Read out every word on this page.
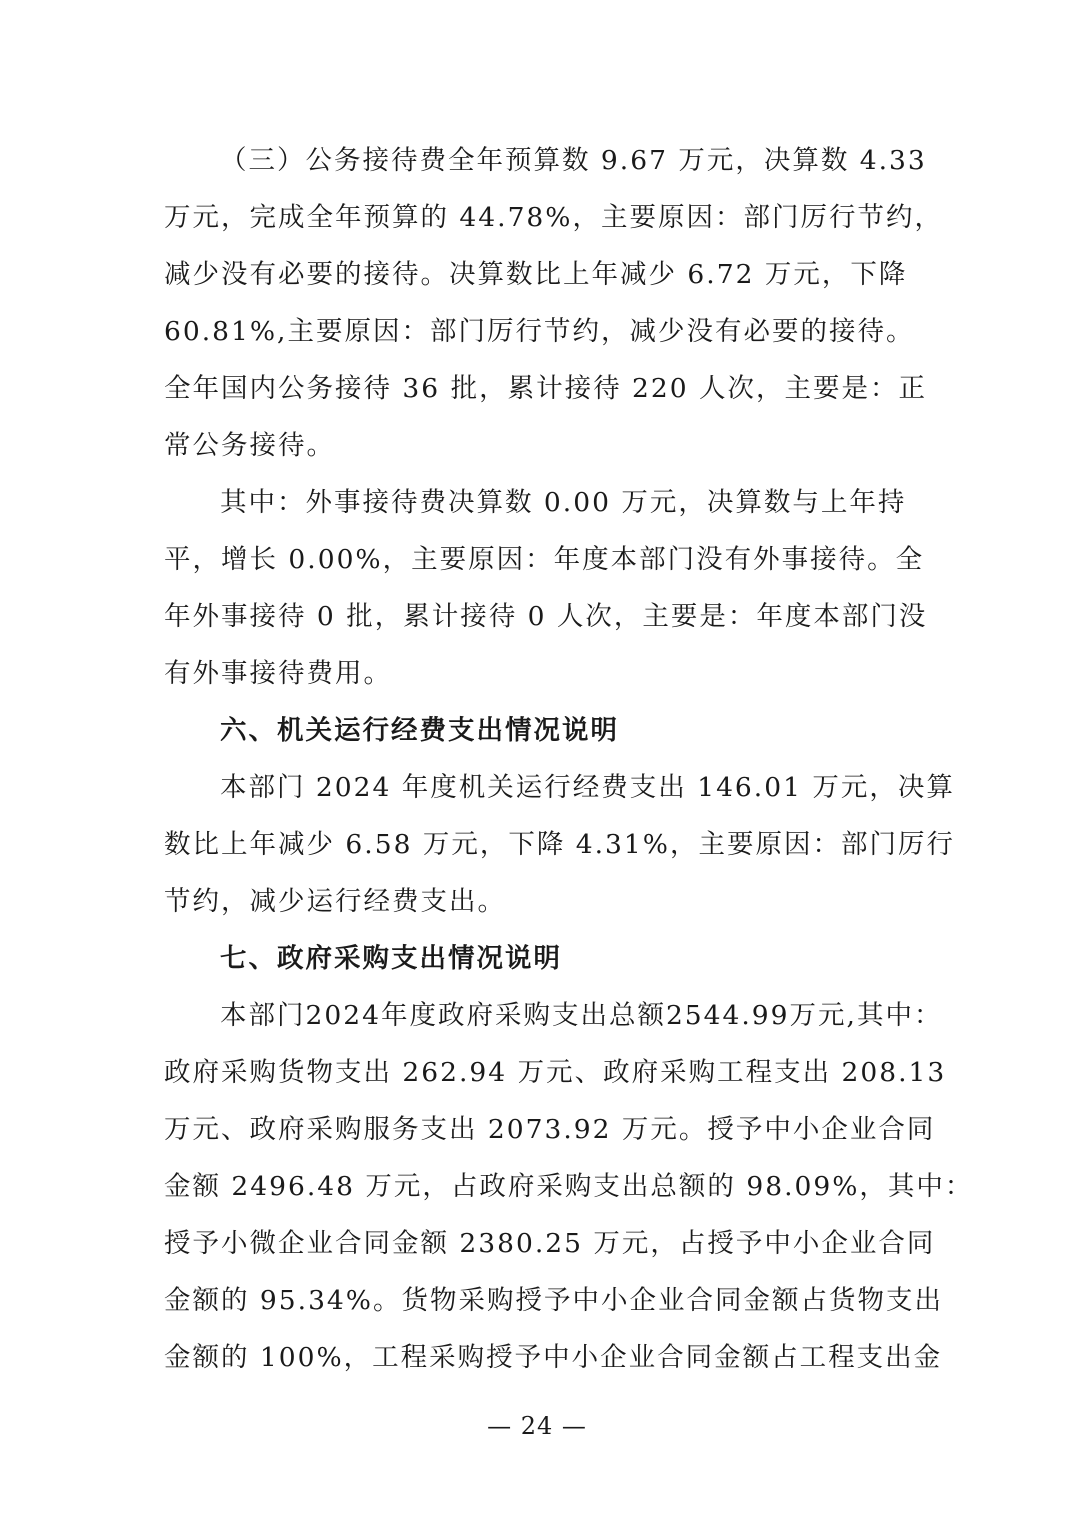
（三）公务接待费全年预算数 9.67 万元，决算数 4.33
万元，完成全年预算的 44.78%，主要原因：部门厉行节约，
减少没有必要的接待。决算数比上年减少 6.72 万元，下降
60.81%,主要原因：部门厉行节约，减少没有必要的接待。
全年国内公务接待 36 批，累计接待 220 人次，主要是：正
常公务接待。
其中：外事接待费决算数 0.00 万元，决算数与上年持
平，增长 0.00%，主要原因：年度本部门没有外事接待。全
年外事接待 0 批，累计接待 0 人次，主要是：年度本部门没
有外事接待费用。
六、机关运行经费支出情况说明
本部门 2024 年度机关运行经费支出 146.01 万元，决算
数比上年减少 6.58 万元，下降 4.31%，主要原因：部门厉行
节约，减少运行经费支出。
七、政府采购支出情况说明
本部门2024年度政府采购支出总额2544.99万元,其中：
政府采购货物支出 262.94 万元、政府采购工程支出 208.13
万元、政府采购服务支出 2073.92 万元。授予中小企业合同
金额 2496.48 万元，占政府采购支出总额的 98.09%，其中：
授予小微企业合同金额 2380.25 万元，占授予中小企业合同
金额的 95.34%。货物采购授予中小企业合同金额占货物支出
金额的 100%，工程采购授予中小企业合同金额占工程支出金
— 24 —
